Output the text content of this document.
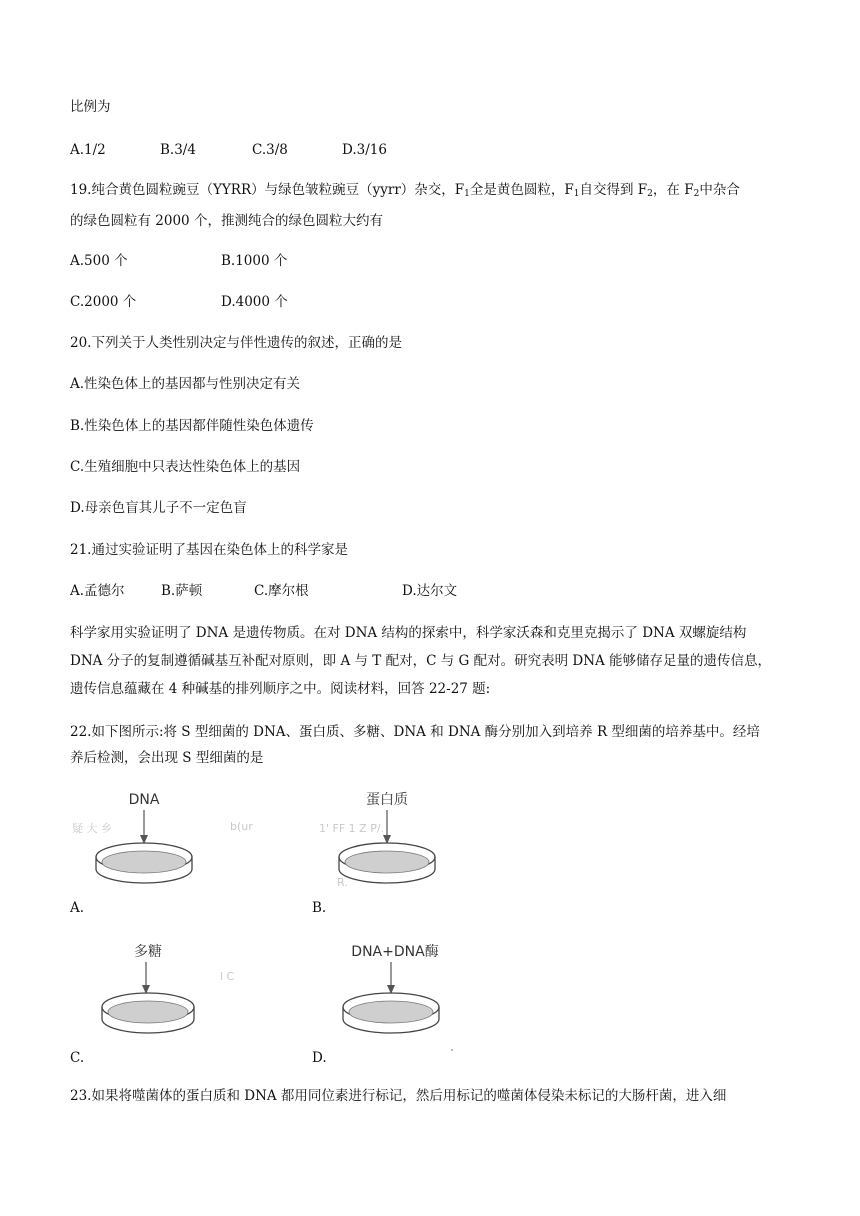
比例为
A.1/2	B.3/4	C.3/8	D.3/16
19.纯合黄色圆粒豌豆（YYRR）与绿色皱粒豌豆（yyrr）杂交，$F_1$全是黄色圆粒，$F_1$自交得到 $F_2$，在 $F_2$中杂合
的绿色圆粒有 2000 个，推测纯合的绿色圆粒大约有
A.500 个	B.1000 个
C.2000 个	D.4000 个
20.下列关于人类性别决定与伴性遗传的叙述，正确的是
A.性染色体上的基因都与性别决定有关
B.性染色体上的基因都伴随性染色体遗传
C.生殖细胞中只表达性染色体上的基因
D.母亲色盲其儿子不一定色盲
21.通过实验证明了基因在染色体上的科学家是
A.孟德尔	B.萨顿	C.摩尔根	D.达尔文
科学家用实验证明了 DNA 是遗传物质。在对 DNA 结构的探索中，科学家沃森和克里克揭示了 DNA 双螺旋结构
DNA 分子的复制遵循碱基互补配对原则，即 A 与 T 配对，C 与 G 配对。研究表明 DNA 能够储存足量的遗传信息，
遗传信息蕴藏在 4 种碱基的排列顺序之中。阅读材料，回答 22-27 题:
22.如下图所示:将 S 型细菌的 DNA、蛋白质、多糖、DNA 和 DNA 酶分别加入到培养 R 型细菌的培养基中。经培
养后检测，会出现 S 型细菌的是
疑 大 乡	b(ur
DNA
A.
1' FF 1 Z P/.
R.
蛋白质
B.
l C
多糖
C.
DNA+DNA酶
D.
23.如果将噬菌体的蛋白质和 DNA 都用同位素进行标记，然后用标记的噬菌体侵染未标记的大肠杆菌，进入细
